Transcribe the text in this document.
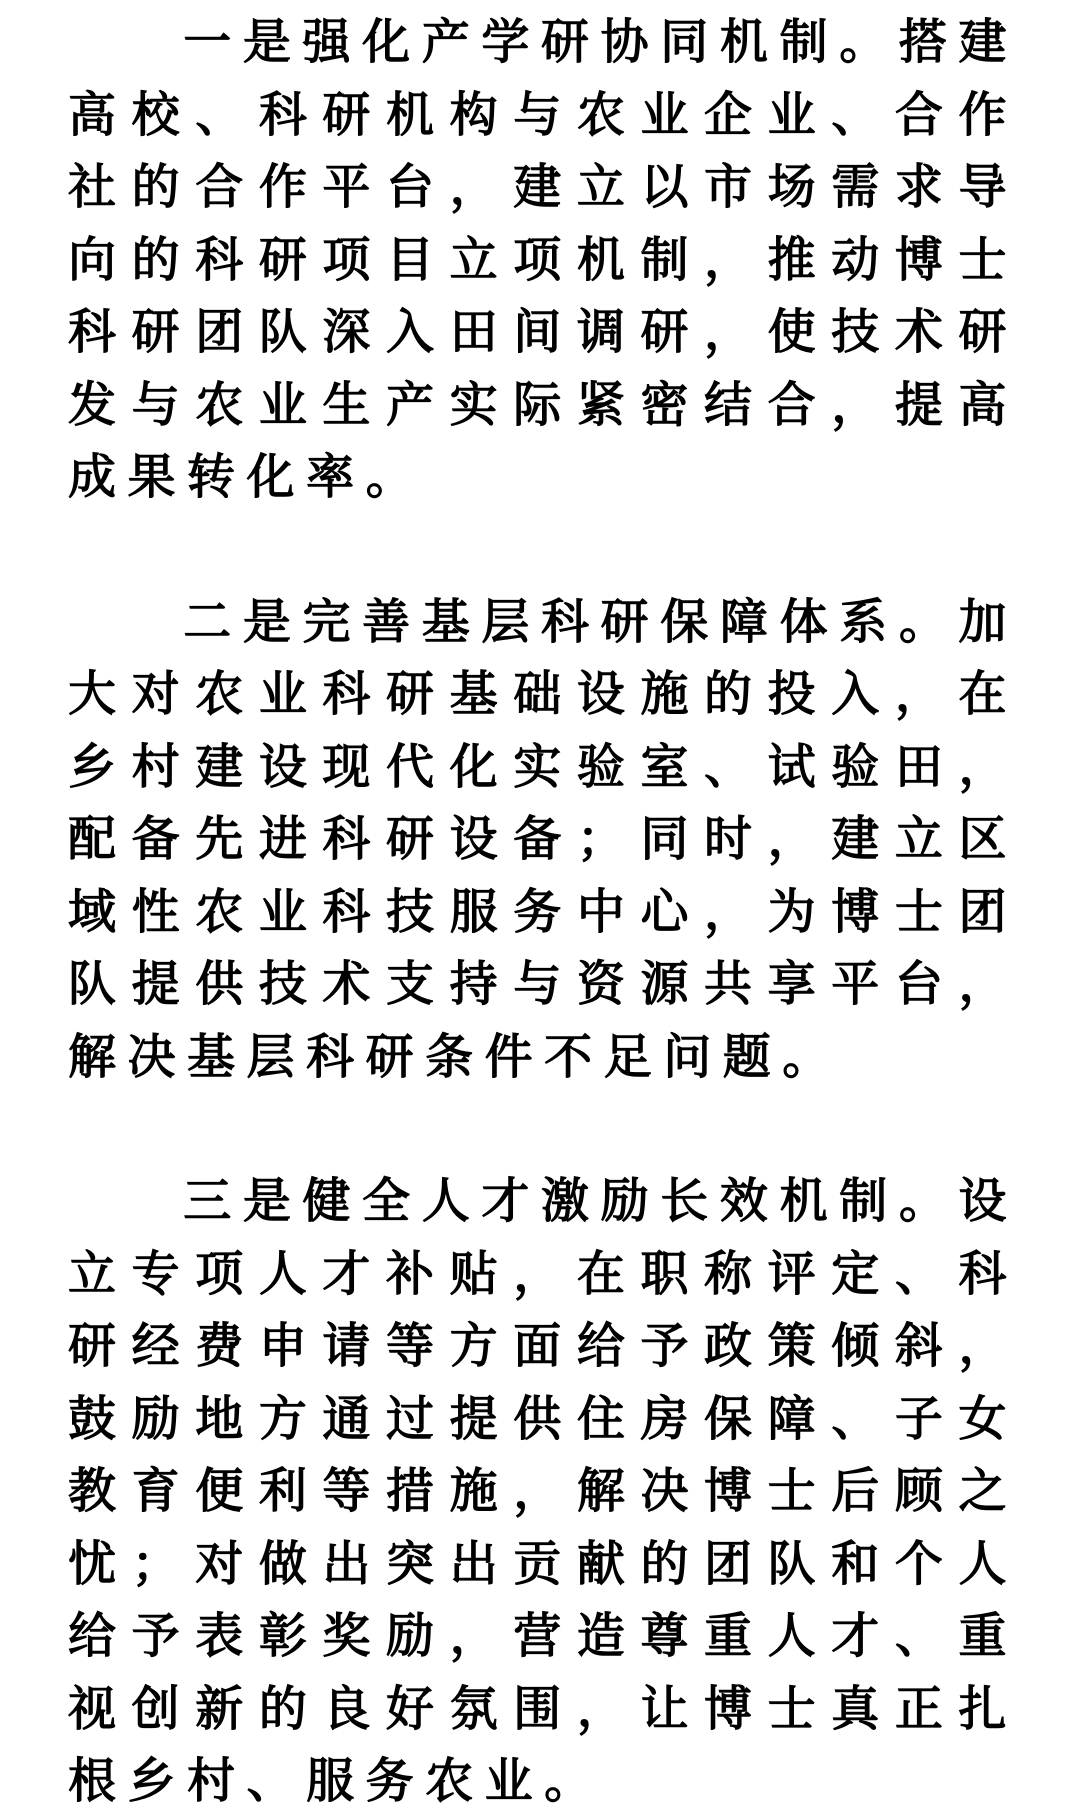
一是强化产学研协同机制。搭建高校、科研机构与农业企业、合作社的合作平台，建立以市场需求导向的科研项目立项机制，推动博士科研团队深入田间调研，使技术研发与农业生产实际紧密结合，提高成果转化率。

二是完善基层科研保障体系。加大对农业科研基础设施的投入，在乡村建设现代化实验室、试验田，配备先进科研设备；同时，建立区域性农业科技服务中心，为博士团队提供技术支持与资源共享平台，解决基层科研条件不足问题。

三是健全人才激励长效机制。设立专项人才补贴，在职称评定、科研经费申请等方面给予政策倾斜，鼓励地方通过提供住房保障、子女教育便利等措施，解决博士后顾之忧；对做出突出贡献的团队和个人给予表彰奖励，营造尊重人才、重视创新的良好氛围，让博士真正扎根乡村、服务农业。
